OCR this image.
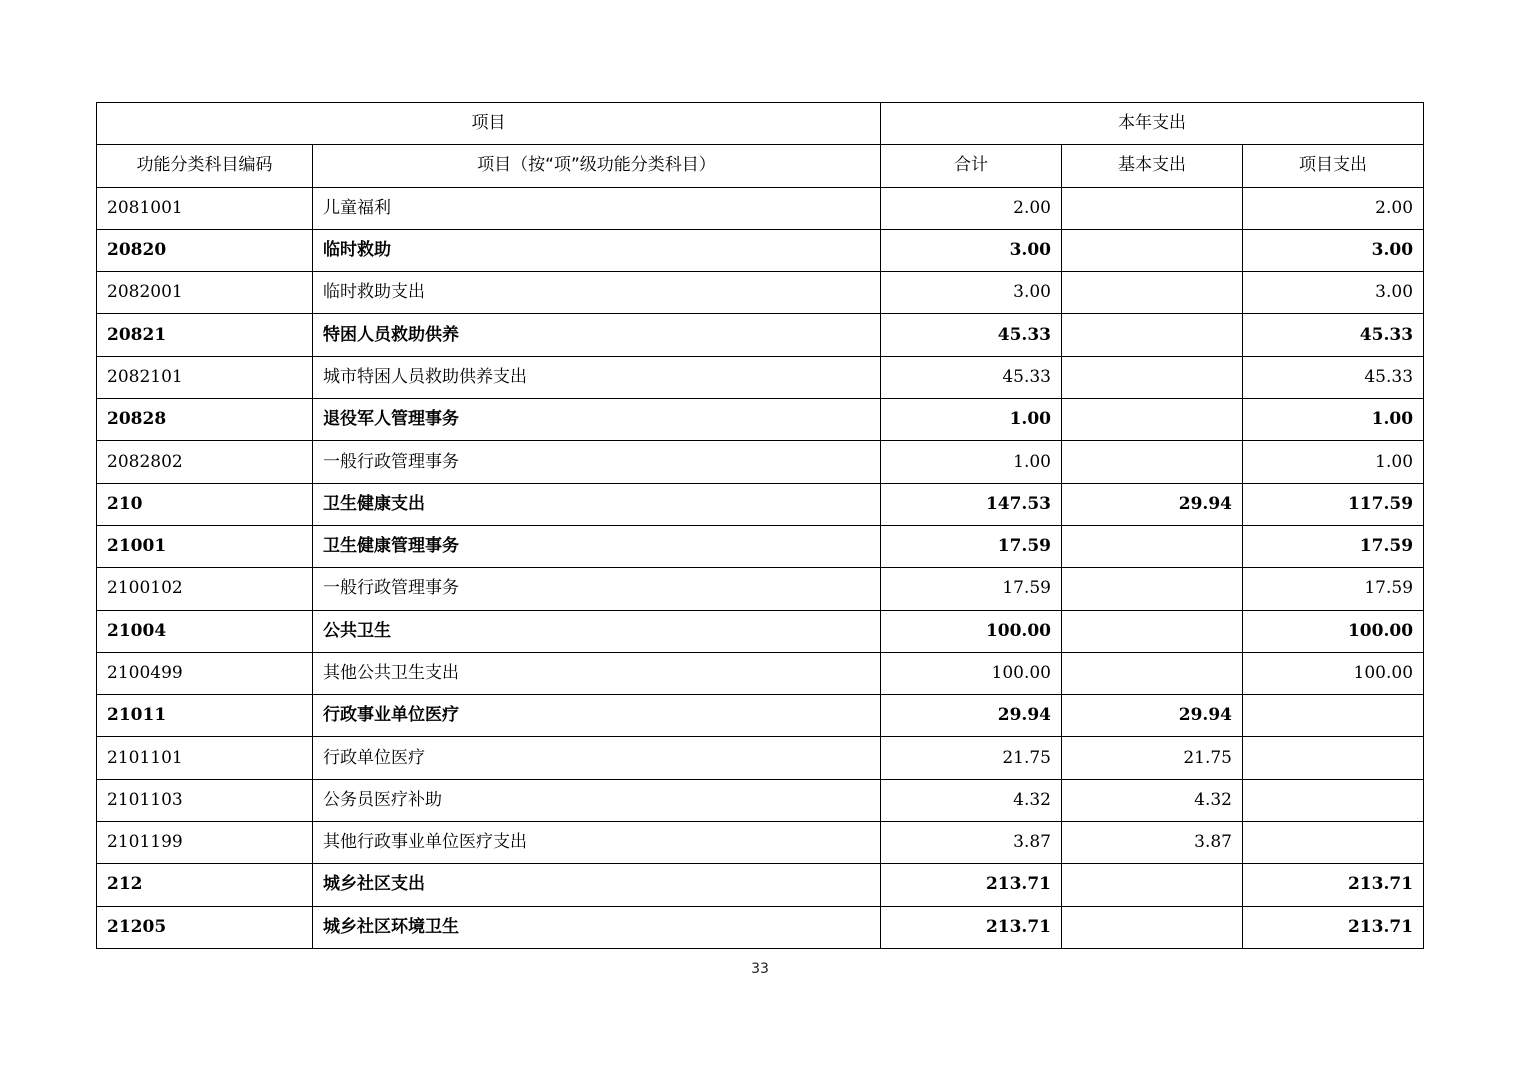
项目		本年支出		
功能分类科目编码	项目（按“项”级功能分类科目）	合计	基本支出	项目支出
2081001	儿童福利	2.00		2.00
20820	临时救助	3.00		3.00
2082001	临时救助支出	3.00		3.00
20821	特困人员救助供养	45.33		45.33
2082101	城市特困人员救助供养支出	45.33		45.33
20828	退役军人管理事务	1.00		1.00
2082802	一般行政管理事务	1.00		1.00
210	卫生健康支出	147.53	29.94	117.59
21001	卫生健康管理事务	17.59		17.59
2100102	一般行政管理事务	17.59		17.59
21004	公共卫生	100.00		100.00
2100499	其他公共卫生支出	100.00		100.00
21011	行政事业单位医疗	29.94	29.94	
2101101	行政单位医疗	21.75	21.75	
2101103	公务员医疗补助	4.32	4.32	
2101199	其他行政事业单位医疗支出	3.87	3.87	
212	城乡社区支出	213.71		213.71
21205	城乡社区环境卫生	213.71		213.71
33
